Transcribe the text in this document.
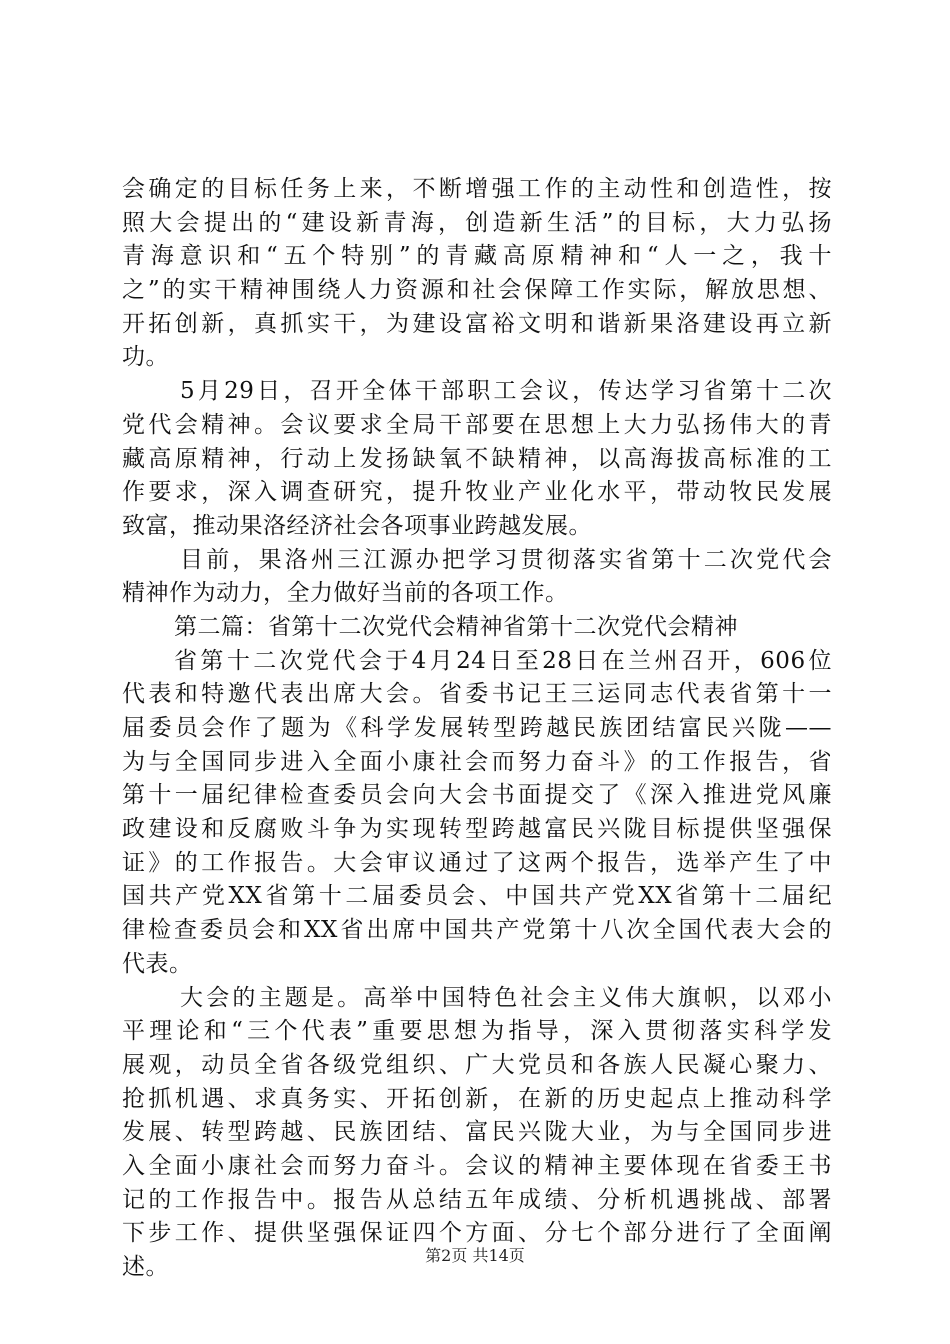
会确定的目标任务上来，不断增强工作的主动性和创造性，按
照大会提出的“建设新青海，创造新生活”的目标，大力弘扬
青海意识和“五个特别”的青藏高原精神和“人一之，我十
之”的实干精神围绕人力资源和社会保障工作实际，解放思想、
开拓创新，真抓实干，为建设富裕文明和谐新果洛建设再立新
功。
5月29日，召开全体干部职工会议，传达学习省第十二次
党代会精神。会议要求全局干部要在思想上大力弘扬伟大的青
藏高原精神，行动上发扬缺氧不缺精神，以高海拔高标准的工
作要求，深入调查研究，提升牧业产业化水平，带动牧民发展
致富，推动果洛经济社会各项事业跨越发展。
目前，果洛州三江源办把学习贯彻落实省第十二次党代会
精神作为动力，全力做好当前的各项工作。
第二篇：省第十二次党代会精神省第十二次党代会精神
省第十二次党代会于4月24日至28日在兰州召开，606位
代表和特邀代表出席大会。省委书记王三运同志代表省第十一
届委员会作了题为《科学发展转型跨越民族团结富民兴陇——
为与全国同步进入全面小康社会而努力奋斗》的工作报告，省
第十一届纪律检查委员会向大会书面提交了《深入推进党风廉
政建设和反腐败斗争为实现转型跨越富民兴陇目标提供坚强保
证》的工作报告。大会审议通过了这两个报告，选举产生了中
国共产党XX省第十二届委员会、中国共产党XX省第十二届纪
律检查委员会和XX省出席中国共产党第十八次全国代表大会的
代表。
大会的主题是。高举中国特色社会主义伟大旗帜，以邓小
平理论和“三个代表”重要思想为指导，深入贯彻落实科学发
展观，动员全省各级党组织、广大党员和各族人民凝心聚力、
抢抓机遇、求真务实、开拓创新，在新的历史起点上推动科学
发展、转型跨越、民族团结、富民兴陇大业，为与全国同步进
入全面小康社会而努力奋斗。会议的精神主要体现在省委王书
记的工作报告中。报告从总结五年成绩、分析机遇挑战、部署
下步工作、提供坚强保证四个方面、分七个部分进行了全面阐
述。	第2页 共14页
